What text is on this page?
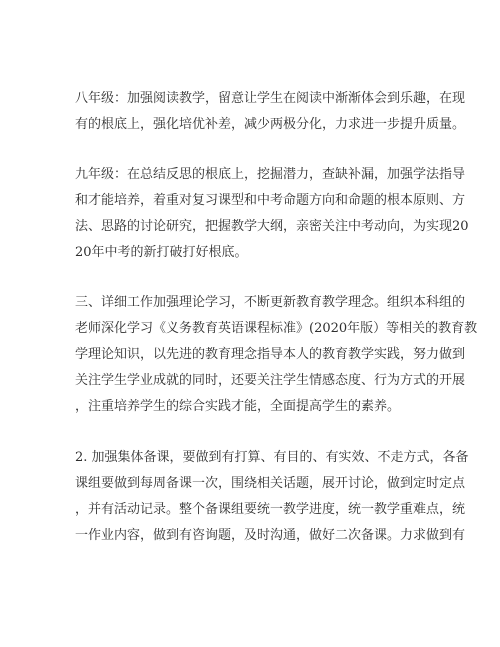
八年级：加强阅读教学，留意让学生在阅读中渐渐体会到乐趣，在现
有的根底上，强化培优补差，减少两极分化，力求进一步提升质量。
九年级：在总结反思的根底上，挖掘潜力，查缺补漏，加强学法指导
和才能培养，着重对复习课型和中考命题方向和命题的根本原则、方
法、思路的讨论研究，把握教学大纲，亲密关注中考动向，为实现20
20年中考的新打破打好根底。
三、详细工作加强理论学习，不断更新教育教学理念。组织本科组的
老师深化学习《义务教育英语课程标准》(2020年版）等相关的教育教
学理论知识，以先进的教育理念指导本人的教育教学实践，努力做到
关注学生学业成就的同时，还要关注学生情感态度、行为方式的开展
，注重培养学生的综合实践才能，全面提高学生的素养。
2. 加强集体备课，要做到有打算、有目的、有实效、不走方式，各备
课组要做到每周备课一次，围绕相关话题，展开讨论，做到定时定点
，并有活动记录。整个备课组要统一教学进度，统一教学重难点，统
一作业内容，做到有咨询题，及时沟通，做好二次备课。力求做到有
